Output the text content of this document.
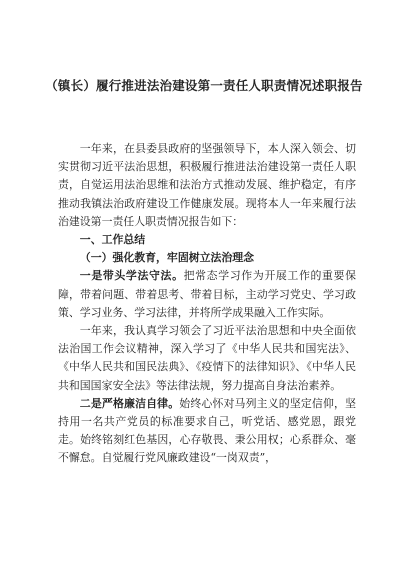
（镇长）履行推进法治建设第一责任人职责情况述职报告

一年来，在县委县政府的坚强领导下，本人深入领会、切实贯彻习近平法治思想，积极履行推进法治建设第一责任人职责，自觉运用法治思维和法治方式推动发展、维护稳定，有序推动我镇法治政府建设工作健康发展。现将本人一年来履行法治建设第一责任人职责情况报告如下：

一、工作总结

（一）强化教育，牢固树立法治理念

一是带头学法守法。把常态学习作为开展工作的重要保障，带着问题、带着思考、带着目标，主动学习党史、学习政策、学习业务、学习法律，并将所学成果融入工作实际。

一年来，我认真学习领会了习近平法治思想和中央全面依法治国工作会议精神，深入学习了《中华人民共和国宪法》、《中华人民共和国民法典》、《疫情下的法律知识》、《中华人民共和国国家安全法》等法律法规，努力提高自身法治素养。

二是严格廉洁自律。始终心怀对马列主义的坚定信仰，坚持用一名共产党员的标准要求自己，听党话、感党恩，跟党走。始终铭刻红色基因，心存敬畏、秉公用权；心系群众、毫不懈怠。自觉履行党风廉政建设“一岗双责”，
